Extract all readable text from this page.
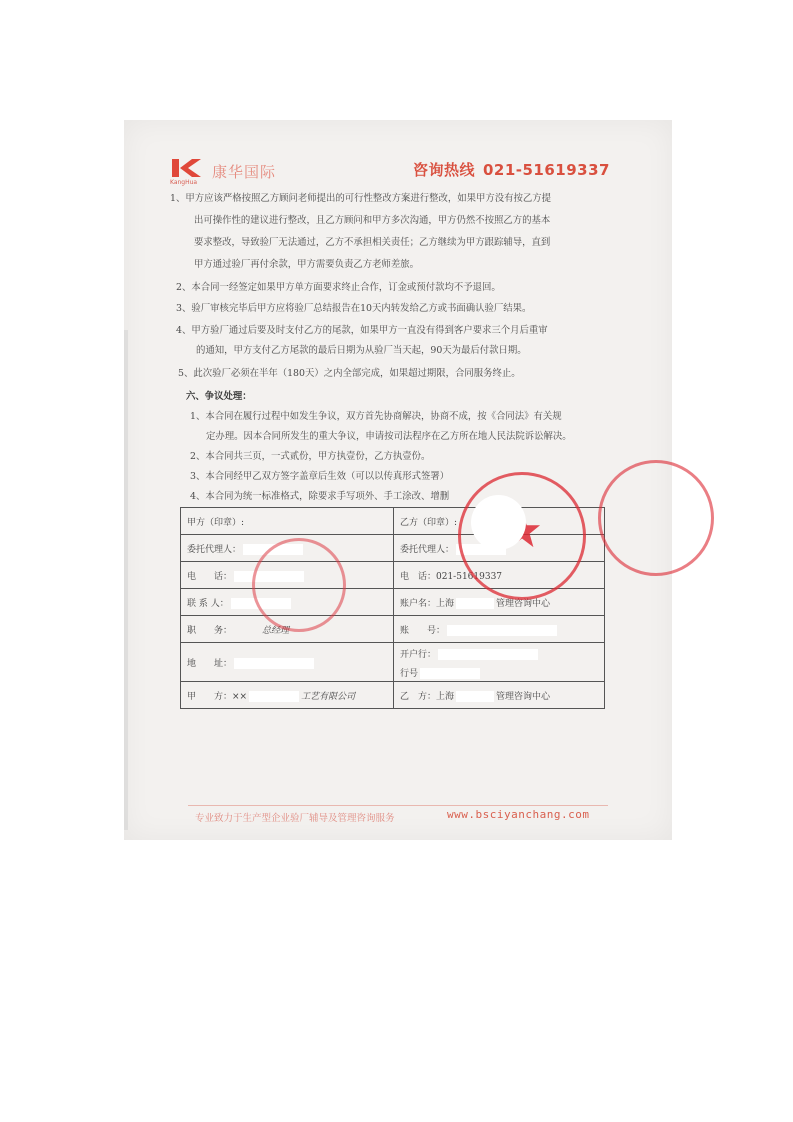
KangHua
康华国际	咨询热线 021-51619337
1、甲方应该严格按照乙方顾问老师提出的可行性整改方案进行整改，如果甲方没有按乙方提
出可操作性的建议进行整改，且乙方顾问和甲方多次沟通，甲方仍然不按照乙方的基本
要求整改，导致验厂无法通过，乙方不承担相关责任；乙方继续为甲方跟踪辅导，直到
甲方通过验厂再付余款，甲方需要负责乙方老师差旅。
2、本合同一经签定如果甲方单方面要求终止合作，订金或预付款均不予退回。
3、验厂审核完毕后甲方应将验厂总结报告在10天内转发给乙方或书面确认验厂结果。
4、甲方验厂通过后要及时支付乙方的尾款，如果甲方一直没有得到客户要求三个月后重审
的通知，甲方支付乙方尾款的最后日期为从验厂当天起，90天为最后付款日期。
5、此次验厂必须在半年（180天）之内全部完成，如果超过期限，合同服务终止。
六、争议处理：
1、本合同在履行过程中如发生争议，双方首先协商解决，协商不成，按《合同法》有关规
定办理。因本合同所发生的重大争议，申请按司法程序在乙方所在地人民法院诉讼解决。
2、本合同共三页，一式贰份，甲方执壹份，乙方执壹份。
3、本合同经甲乙双方签字盖章后生效（可以以传真形式签署）
4、本合同为统一标准格式，除要求手写项外、手工涂改、增删
甲方（印章）:	乙方（印章）:
委托代理人：	委托代理人：
电　　话：	电　话：021-51619337
联 系 人：	账户名：上海 管理咨询中心
职　　务： 总经理	账　　号：
地　　址：	开户行：
行号

甲　　方：×× 工艺有限公司	乙　方：上海 管理咨询中心
专业致力于生产型企业验厂辅导及管理咨询服务	www.bsciyanchang.com
